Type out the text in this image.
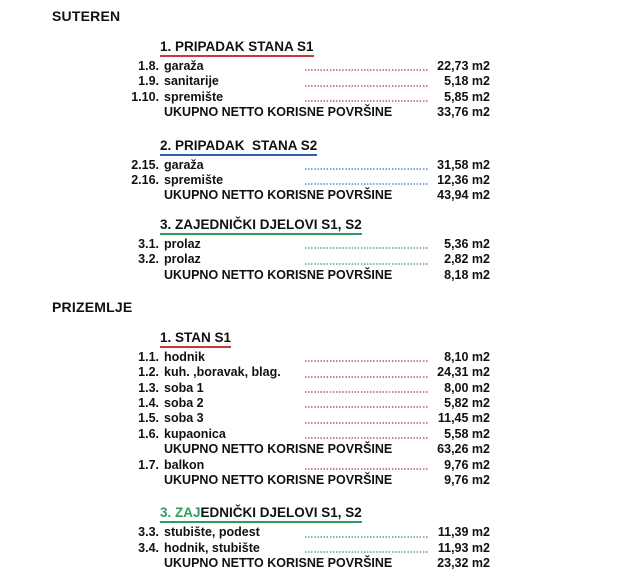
SUTEREN
1. PRIPADAK STANA S1
1.8. garaža	22,73 m2
1.9. sanitarije	5,18 m2
1.10. spremište	5,85 m2
UKUPNO NETTO KORISNE POVRŠINE	33,76 m2
2. PRIPADAK  STANA S2
2.15. garaža	31,58 m2
2.16. spremište	12,36 m2
UKUPNO NETTO KORISNE POVRŠINE	43,94 m2
3. ZAJEDNIČKI DJELOVI S1, S2
3.1. prolaz	5,36 m2
3.2. prolaz	2,82 m2
UKUPNO NETTO KORISNE POVRŠINE	8,18 m2
PRIZEMLJE
1. STAN S1
1.1. hodnik	8,10 m2
1.2. kuh. ,boravak, blag.	24,31 m2
1.3. soba 1	8,00 m2
1.4. soba 2	5,82 m2
1.5. soba 3	11,45 m2
1.6. kupaonica	5,58 m2
UKUPNO NETTO KORISNE POVRŠINE	63,26 m2
1.7. balkon	9,76 m2
UKUPNO NETTO KORISNE POVRŠINE	9,76 m2
3. ZAJEDNIČKI DJELOVI S1, S2
3.3. stubište, podest	11,39 m2
3.4. hodnik, stubište	11,93 m2
UKUPNO NETTO KORISNE POVRŠINE	23,32 m2
